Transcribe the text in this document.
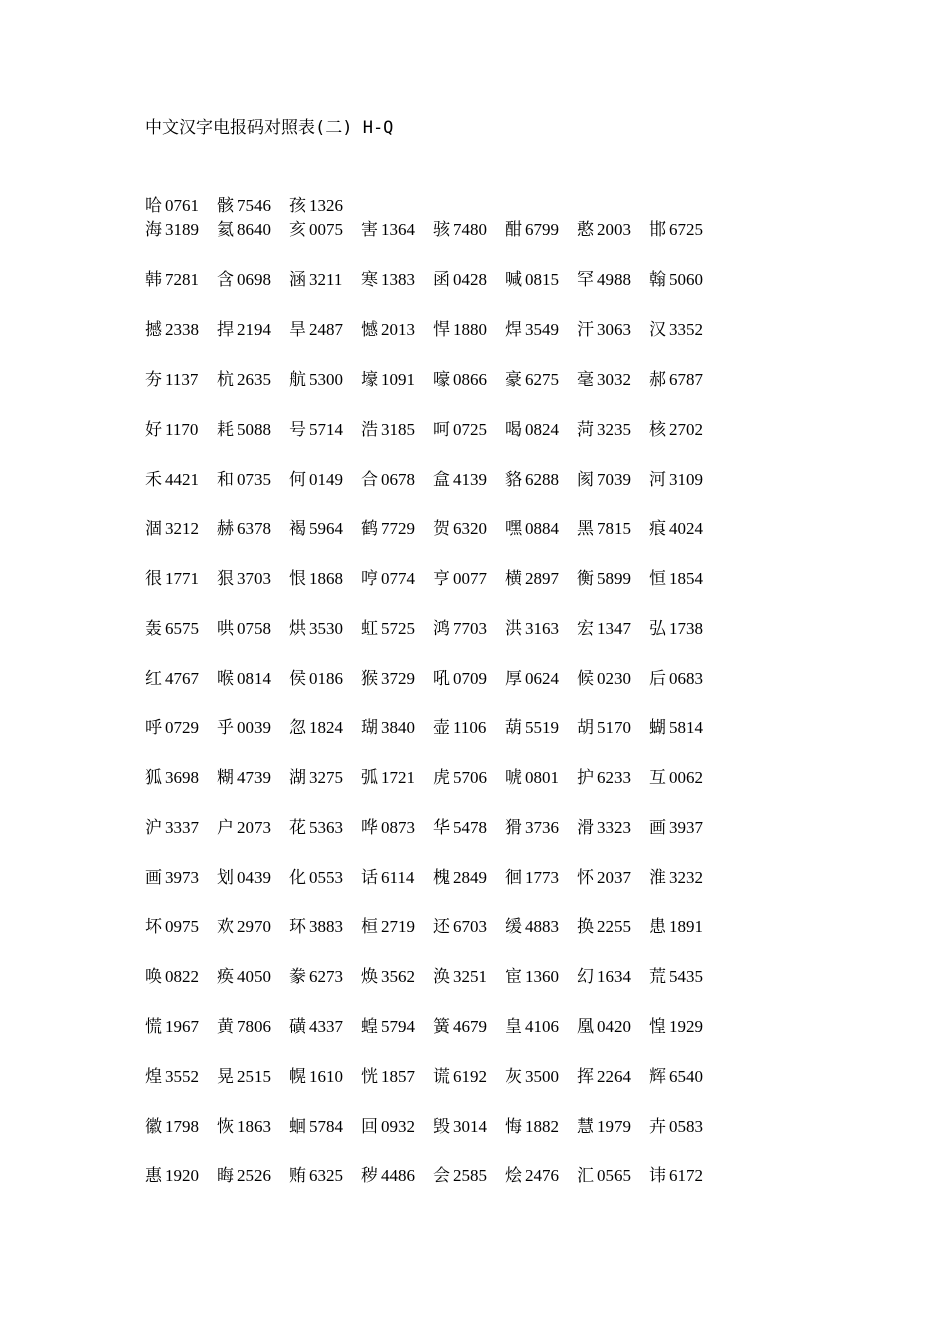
中文汉字电报码对照表(二) H-Q
哈 0761 骸 7546 孩 1326
海 3189 氦 8640 亥 0075 害 1364 骇 7480 酣 6799 憨 2003 邯 6725
韩 7281 含 0698 涵 3211 寒 1383 函 0428 喊 0815 罕 4988 翰 5060
撼 2338 捍 2194 旱 2487 憾 2013 悍 1880 焊 3549 汗 3063 汉 3352
夯 1137 杭 2635 航 5300 壕 1091 嚎 0866 豪 6275 毫 3032 郝 6787
好 1170 耗 5088 号 5714 浩 3185 呵 0725 喝 0824 菏 3235 核 2702
禾 4421 和 0735 何 0149 合 0678 盒 4139 貉 6288 阂 7039 河 3109
涸 3212 赫 6378 褐 5964 鹤 7729 贺 6320 嘿 0884 黑 7815 痕 4024
很 1771 狠 3703 恨 1868 哼 0774 亨 0077 横 2897 衡 5899 恒 1854
轰 6575 哄 0758 烘 3530 虹 5725 鸿 7703 洪 3163 宏 1347 弘 1738
红 4767 喉 0814 侯 0186 猴 3729 吼 0709 厚 0624 候 0230 后 0683
呼 0729 乎 0039 忽 1824 瑚 3840 壶 1106 葫 5519 胡 5170 蝴 5814
狐 3698 糊 4739 湖 3275 弧 1721 虎 5706 唬 0801 护 6233 互 0062
沪 3337 户 2073 花 5363 哗 0873 华 5478 猾 3736 滑 3323 画 3937
画 3973 划 0439 化 0553 话 6114 槐 2849 徊 1773 怀 2037 淮 3232
坏 0975 欢 2970 环 3883 桓 2719 还 6703 缓 4883 换 2255 患 1891
唤 0822 痪 4050 豢 6273 焕 3562 涣 3251 宦 1360 幻 1634 荒 5435
慌 1967 黄 7806 磺 4337 蝗 5794 簧 4679 皇 4106 凰 0420 惶 1929
煌 3552 晃 2515 幌 1610 恍 1857 谎 6192 灰 3500 挥 2264 辉 6540
徽 1798 恢 1863 蛔 5784 回 0932 毁 3014 悔 1882 慧 1979 卉 0583
惠 1920 晦 2526 贿 6325 秽 4486 会 2585 烩 2476 汇 0565 讳 6172
